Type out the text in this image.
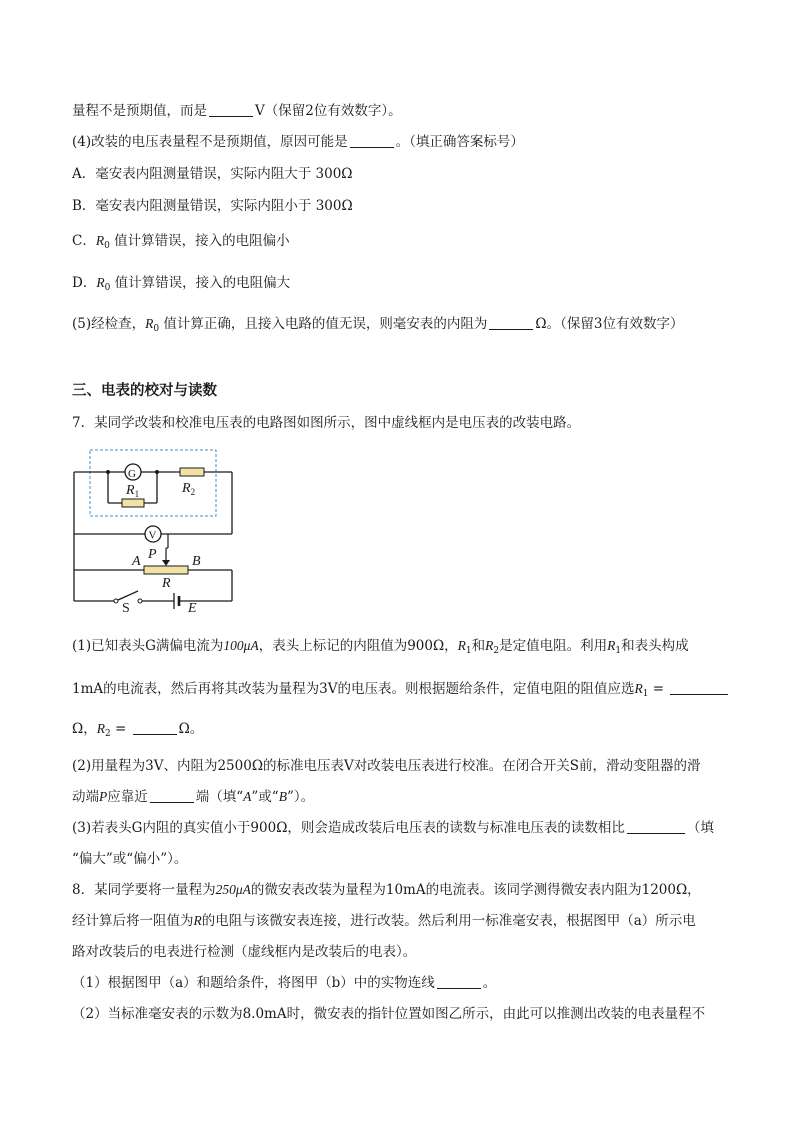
量程不是预期值，而是	V（保留2位有效数字）。
(4)改装的电压表量程不是预期值，原因可能是	。（填正确答案标号）
A．毫安表内阻测量错误，实际内阻大于 300Ω
B．毫安表内阻测量错误，实际内阻小于 300Ω
C．$R_0$ 值计算错误，接入的电阻偏小
D．$R_0$ 值计算错误，接入的电阻偏大
(5)经检查，$R_0$ 值计算正确，且接入电路的值无误，则毫安表的内阻为	Ω。（保留3位有效数字）
三、电表的校对与读数
7．某同学改装和校准电压表的电路图如图所示，图中虚线框内是电压表的改装电路。
G
$R_1$	$R_2$
V
A P	B
R
S	E
(1)已知表头G满偏电流为100μA，表头上标记的内阻值为900Ω，$R_1$和$R_2$是定值电阻。利用$R_1$和表头构成
1mA的电流表，然后再将其改装为量程为3V的电压表。则根据题给条件，定值电阻的阻值应选$R_1$ =
Ω，$R_2$ =	Ω。
(2)用量程为3V、内阻为2500Ω的标准电压表V对改装电压表进行校准。在闭合开关S前，滑动变阻器的滑
动端P应靠近	端（填“A”或“B”）。
(3)若表头G内阻的真实值小于900Ω，则会造成改装后电压表的读数与标准电压表的读数相比	（填
“偏大”或“偏小”）。
8．某同学要将一量程为250μA的微安表改装为量程为10mA的电流表。该同学测得微安表内阻为1200Ω，
经计算后将一阻值为R的电阻与该微安表连接，进行改装。然后利用一标准毫安表，根据图甲（a）所示电
路对改装后的电表进行检测（虚线框内是改装后的电表）。
（1）根据图甲（a）和题给条件，将图甲（b）中的实物连线	。
（2）当标准毫安表的示数为8.0mA时，微安表的指针位置如图乙所示，由此可以推测出改装的电表量程不
